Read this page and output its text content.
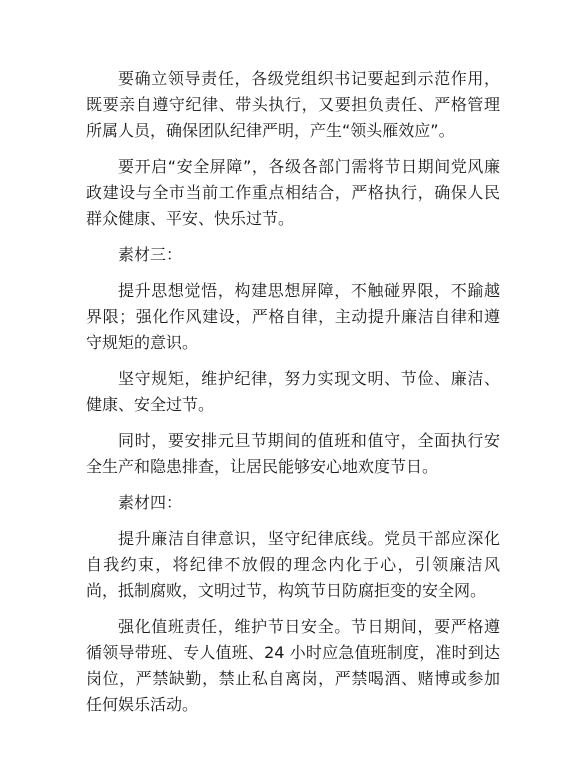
要确立领导责任，各级党组织书记要起到示范作用，既要亲自遵守纪律、带头执行，又要担负责任、严格管理所属人员，确保团队纪律严明，产生“领头雁效应”。

要开启“安全屏障”，各级各部门需将节日期间党风廉政建设与全市当前工作重点相结合，严格执行，确保人民群众健康、平安、快乐过节。

素材三：

提升思想觉悟，构建思想屏障，不触碰界限，不踰越界限；强化作风建设，严格自律，主动提升廉洁自律和遵守规矩的意识。

坚守规矩，维护纪律，努力实现文明、节俭、廉洁、健康、安全过节。

同时，要安排元旦节期间的值班和值守，全面执行安全生产和隐患排查，让居民能够安心地欢度节日。

素材四：

提升廉洁自律意识，坚守纪律底线。党员干部应深化自我约束，将纪律不放假的理念内化于心，引领廉洁风尚，抵制腐败，文明过节，构筑节日防腐拒变的安全网。

强化值班责任，维护节日安全。节日期间，要严格遵循领导带班、专人值班、24 小时应急值班制度，准时到达岗位，严禁缺勤，禁止私自离岗，严禁喝酒、赌博或参加任何娱乐活动。
